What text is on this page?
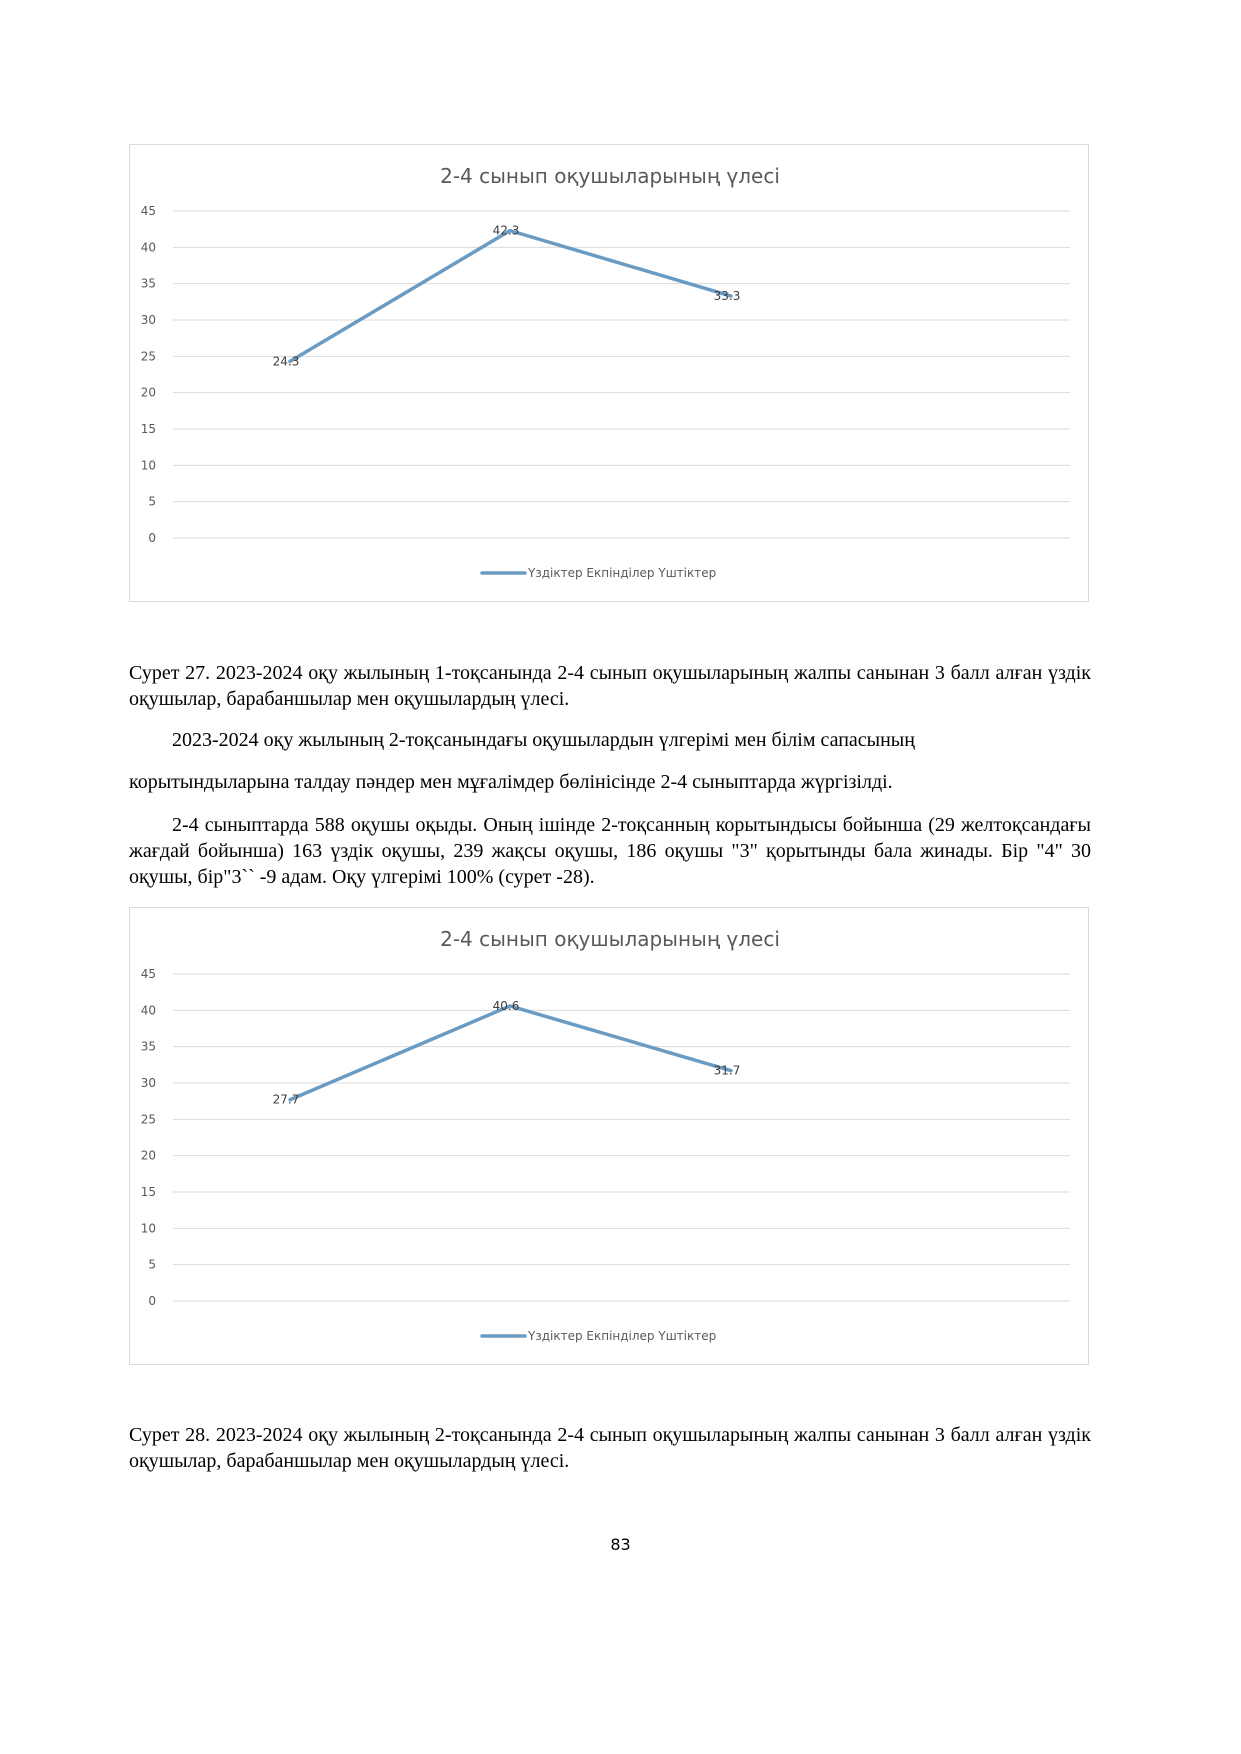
2-4 сынып оқушыларының үлесі
0
5
10
15
20
25
30
35
40
45
24.3
42.3
33.3
Үздіктер Екпінділер Үштіктер

Сурет 27. 2023-2024 оқу жылының 1-тоқсанында 2-4 сынып оқушыларының жалпы санынан 3 балл алған үздік оқушылар, барабаншылар мен оқушылардың үлесі.

2023-2024 оқу жылының 2-тоқсанындағы оқушылардын үлгерімі мен білім сапасының

корытындыларына талдау пәндер мен мұғалімдер бөлінісінде 2-4 сыныптарда жүргізілді.

2-4 сыныптарда 588 оқушы оқыды. Оның ішінде 2-тоқсанның корытындысы бойынша (29 желтоқсандағы жағдай бойынша) 163 үздік оқушы, 239 жақсы оқушы, 186 оқушы "3" қорытынды бала жинады. Бір "4" 30 оқушы, бір"3`` -9 адам. Оқу үлгерімі 100% (сурет -28).

2-4 сынып оқушыларының үлесі
0
5
10
15
20
25
30
35
40
45
27.7
40.6
31.7
Үздіктер Екпінділер Үштіктер

Сурет 28. 2023-2024 оқу жылының 2-тоқсанында 2-4 сынып оқушыларының жалпы санынан 3 балл алған үздік оқушылар, барабаншылар мен оқушылардың үлесі.

83
